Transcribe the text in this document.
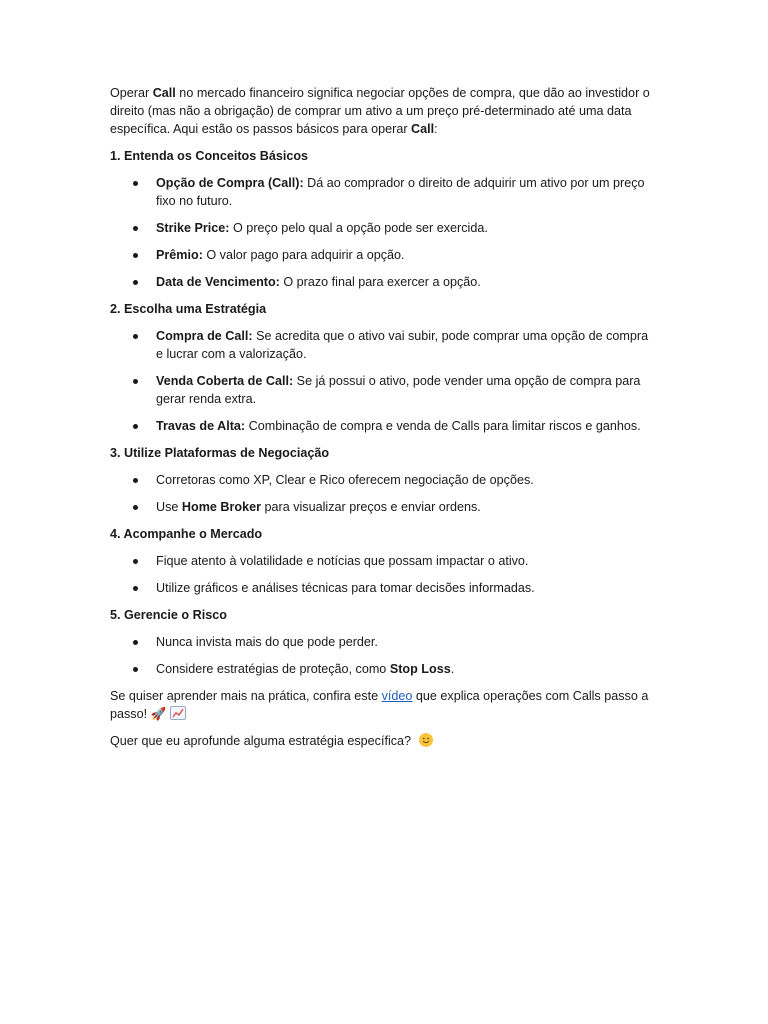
Operar Call no mercado financeiro significa negociar opções de compra, que dão ao investidor o direito (mas não a obrigação) de comprar um ativo a um preço pré-determinado até uma data específica. Aqui estão os passos básicos para operar Call:

1. Entenda os Conceitos Básicos
Opção de Compra (Call): Dá ao comprador o direito de adquirir um ativo por um preço fixo no futuro.
Strike Price: O preço pelo qual a opção pode ser exercida.
Prêmio: O valor pago para adquirir a opção.
Data de Vencimento: O prazo final para exercer a opção.
2. Escolha uma Estratégia
Compra de Call: Se acredita que o ativo vai subir, pode comprar uma opção de compra e lucrar com a valorização.
Venda Coberta de Call: Se já possui o ativo, pode vender uma opção de compra para gerar renda extra.
Travas de Alta: Combinação de compra e venda de Calls para limitar riscos e ganhos.
3. Utilize Plataformas de Negociação
Corretoras como XP, Clear e Rico oferecem negociação de opções.
Use Home Broker para visualizar preços e enviar ordens.
4. Acompanhe o Mercado
Fique atento à volatilidade e notícias que possam impactar o ativo.
Utilize gráficos e análises técnicas para tomar decisões informadas.
5. Gerencie o Risco
Nunca invista mais do que pode perder.
Considere estratégias de proteção, como Stop Loss.

Se quiser aprender mais na prática, confira este vídeo que explica operações com Calls passo a passo! 🚀

Quer que eu aprofunde alguma estratégia específica?
